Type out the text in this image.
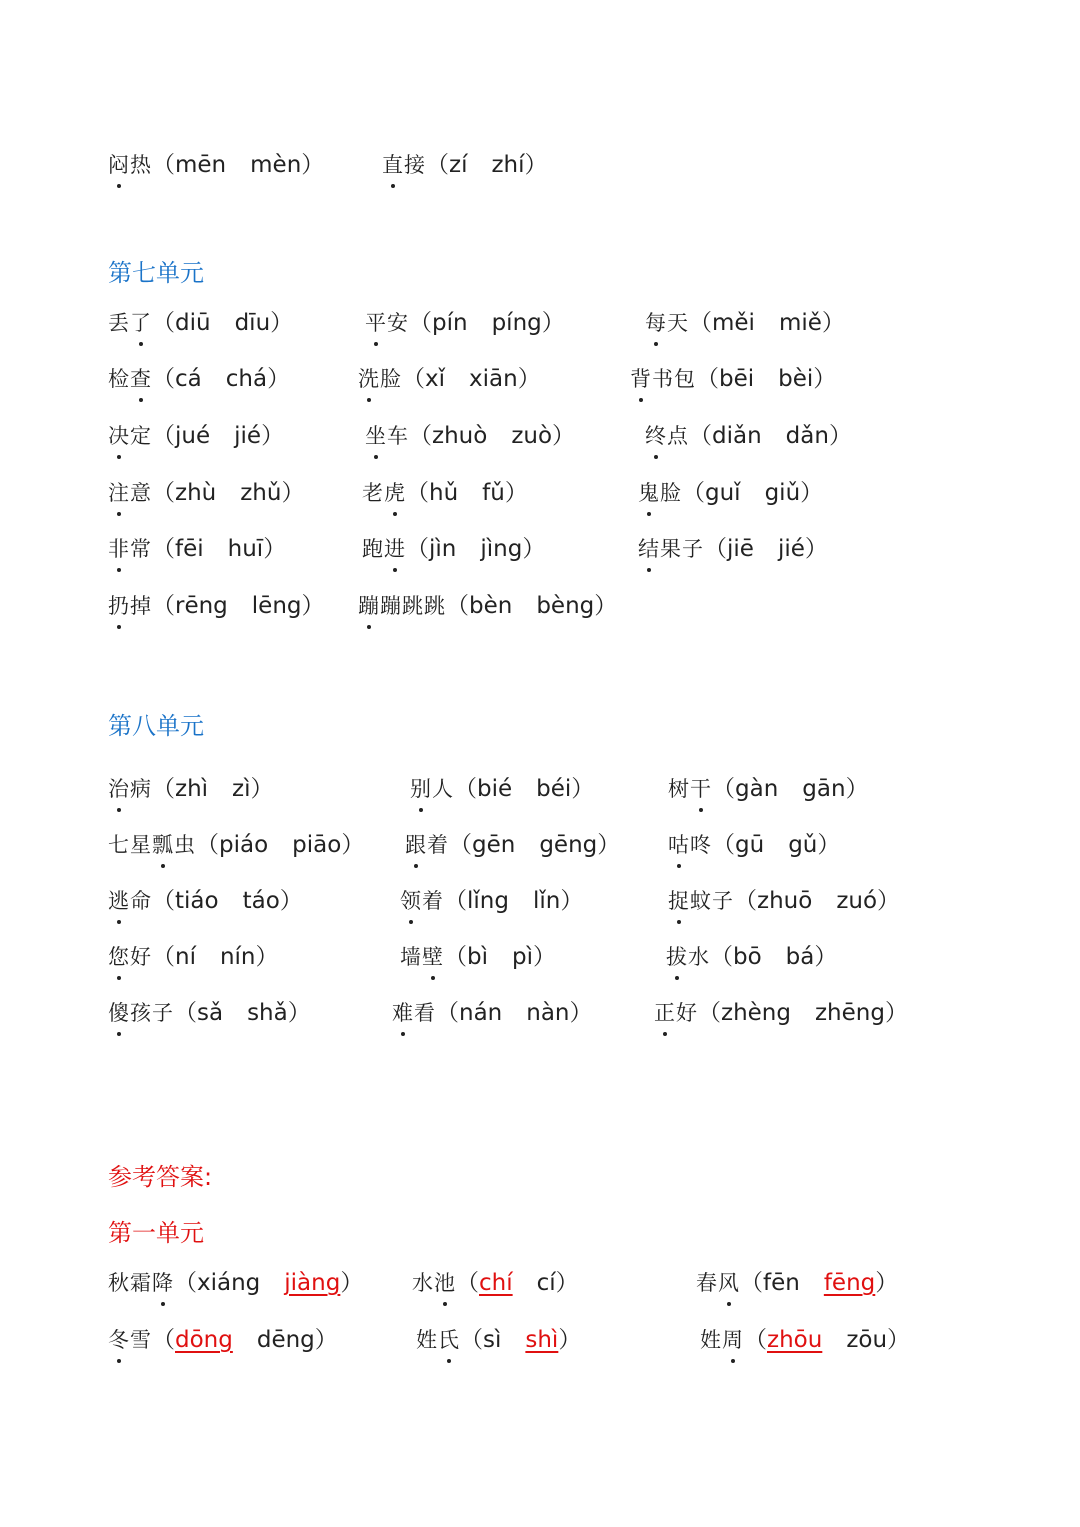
闷热（mēn mèn）	直接（zí zhí）
第七单元
丢了（diū dīu）	平安（pín píng）	每天（měi miě）
检查（cá chá）	洗脸（xǐ xiān）	背书包（bēi bèi）
决定（jué jié）	坐车（zhuò zuò）	终点（diǎn dǎn）
注意（zhù zhǔ）	老虎（hǔ fǔ）	鬼脸（guǐ giǔ）
非常（fēi huī）	跑进（jìn jìng）	结果子（jiē jié）
扔掉（rēng lēng） 蹦蹦跳跳（bèn bèng）
第八单元
治病（zhì zì）	别人（bié béi）	树干（gàn gān）
七星瓢虫（piáo piāo） 跟着（gēn gēng） 咕咚（gū gǔ）
逃命（tiáo táo）	领着（lǐng lǐn）	捉蚊子（zhuō zuó）
您好（ní nín）	墙壁（bì pì）	拔水（bō bá）
傻孩子（sǎ shǎ）	难看（nán nàn）	正好（zhèng zhēng）
参考答案:
第一单元
秋霜降（xiáng jiàng） 水池（chí cí）	春风（fēn fēng）
冬雪（dōng dēng）	姓氏（sì shì）	姓周（zhōu zōu）
